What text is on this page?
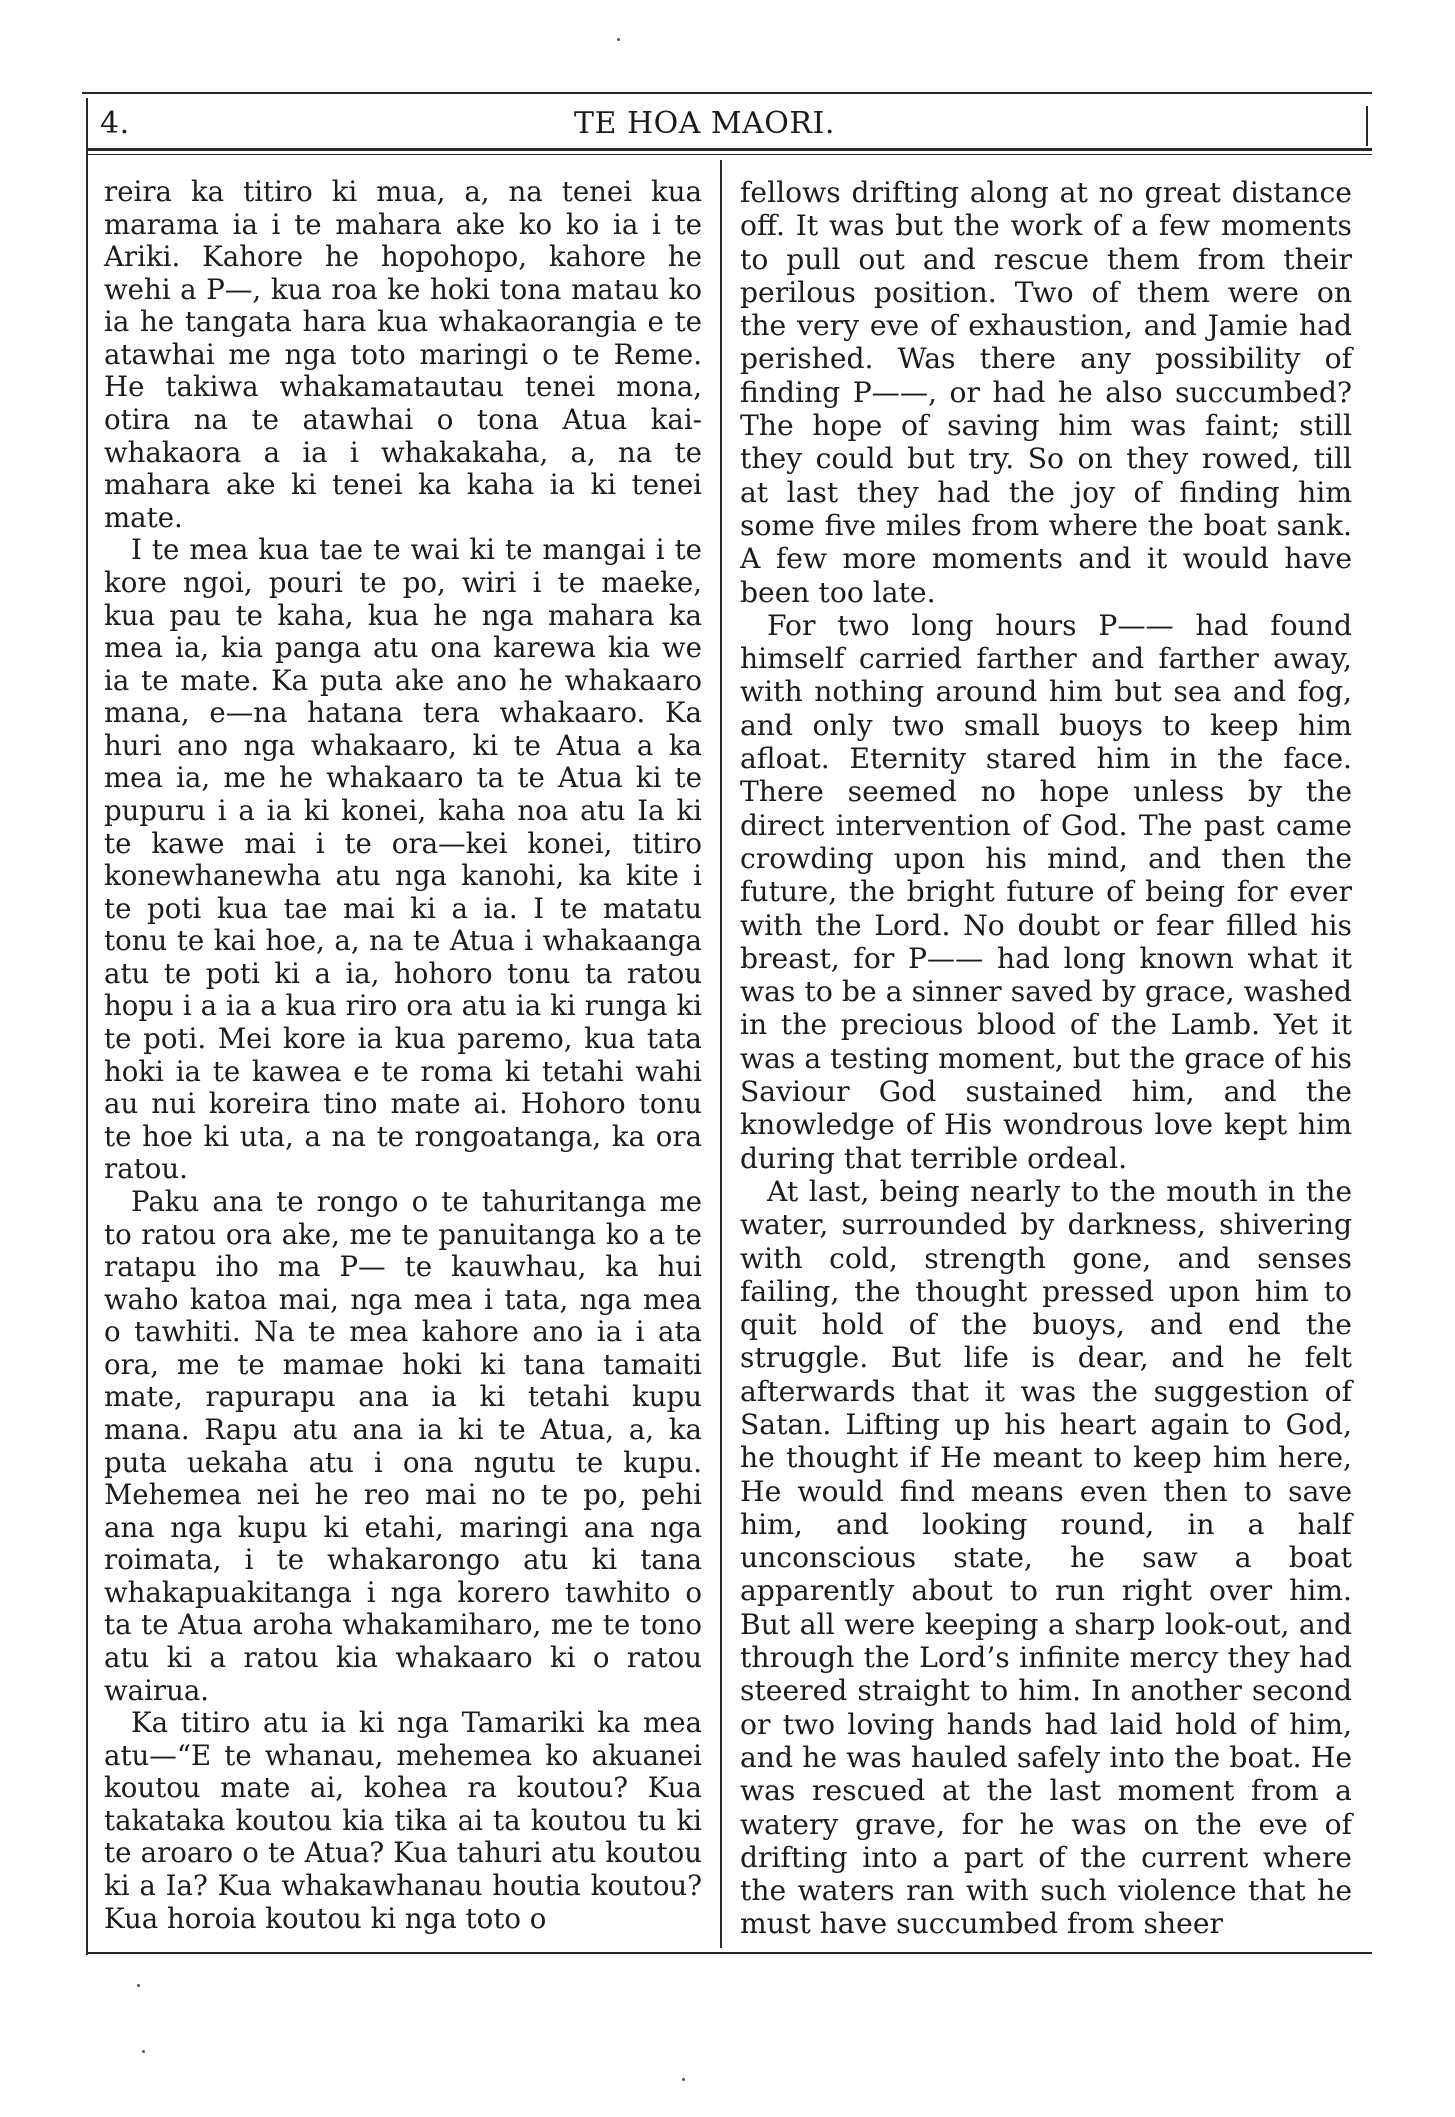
4.	TE HOA MAORI.

reira ka titiro ki mua, a, na tenei kua marama ia i te mahara ake ko ko ia i te Ariki. Kahore he hopohopo, kahore he wehi a P—, kua roa ke hoki tona matau ko ia he tangata hara kua whakaorangia e te atawhai me nga toto maringi o te Reme. He takiwa whakamatautau tenei mona, otira na te atawhai o tona Atua kai-whakaora a ia i whakakaha, a, na te mahara ake ki tenei ka kaha ia ki tenei mate.

I te mea kua tae te wai ki te mangai i te kore ngoi, pouri te po, wiri i te maeke, kua pau te kaha, kua he nga mahara ka mea ia, kia panga atu ona karewa kia we ia te mate. Ka puta ake ano he whakaaro mana, e—na hatana tera whakaaro. Ka huri ano nga whakaaro, ki te Atua a ka mea ia, me he whakaaro ta te Atua ki te pupuru i a ia ki konei, kaha noa atu Ia ki te kawe mai i te ora—kei konei, titiro konewhanewha atu nga kanohi, ka kite i te poti kua tae mai ki a ia. I te matatu tonu te kai hoe, a, na te Atua i whakaanga atu te poti ki a ia, hohoro tonu ta ratou hopu i a ia a kua riro ora atu ia ki runga ki te poti. Mei kore ia kua paremo, kua tata hoki ia te kawea e te roma ki tetahi wahi au nui koreira tino mate ai. Hohoro tonu te hoe ki uta, a na te rongoatanga, ka ora ratou.

Paku ana te rongo o te tahuritanga me to ratou ora ake, me te panuitanga ko a te ratapu iho ma P— te kauwhau, ka hui waho katoa mai, nga mea i tata, nga mea o tawhiti. Na te mea kahore ano ia i ata ora, me te mamae hoki ki tana tamaiti mate, rapurapu ana ia ki tetahi kupu mana. Rapu atu ana ia ki te Atua, a, ka puta uekaha atu i ona ngutu te kupu. Mehemea nei he reo mai no te po, pehi ana nga kupu ki etahi, maringi ana nga roimata, i te whakarongo atu ki tana whakapuakitanga i nga korero tawhito o ta te Atua aroha whakamiharo, me te tono atu ki a ratou kia whakaaro ki o ratou wairua.

Ka titiro atu ia ki nga Tamariki ka mea atu—“E te whanau, mehemea ko akuanei koutou mate ai, kohea ra koutou? Kua takataka koutou kia tika ai ta koutou tu ki te aroaro o te Atua? Kua tahuri atu koutou ki a Ia? Kua whakawhanau houtia koutou? Kua horoia koutou ki nga toto o

fellows drifting along at no great distance off. It was but the work of a few moments to pull out and rescue them from their perilous position. Two of them were on the very eve of exhaustion, and Jamie had perished. Was there any possibility of finding P——, or had he also succumbed? The hope of saving him was faint; still they could but try. So on they rowed, till at last they had the joy of finding him some five miles from where the boat sank. A few more moments and it would have been too late.

For two long hours P—— had found himself carried farther and farther away, with nothing around him but sea and fog, and only two small buoys to keep him afloat. Eternity stared him in the face. There seemed no hope unless by the direct intervention of God. The past came crowding upon his mind, and then the future, the bright future of being for ever with the Lord. No doubt or fear filled his breast, for P—— had long known what it was to be a sinner saved by grace, washed in the precious blood of the Lamb. Yet it was a testing moment, but the grace of his Saviour God sustained him, and the knowledge of His wondrous love kept him during that terrible ordeal.

At last, being nearly to the mouth in the water, surrounded by darkness, shivering with cold, strength gone, and senses failing, the thought pressed upon him to quit hold of the buoys, and end the struggle. But life is dear, and he felt afterwards that it was the suggestion of Satan. Lifting up his heart again to God, he thought if He meant to keep him here, He would find means even then to save him, and looking round, in a half unconscious state, he saw a boat apparently about to run right over him. But all were keeping a sharp look-out, and through the Lord’s infinite mercy they had steered straight to him. In another second or two loving hands had laid hold of him, and he was hauled safely into the boat. He was rescued at the last moment from a watery grave, for he was on the eve of drifting into a part of the current where the waters ran with such violence that he must have succumbed from sheer
